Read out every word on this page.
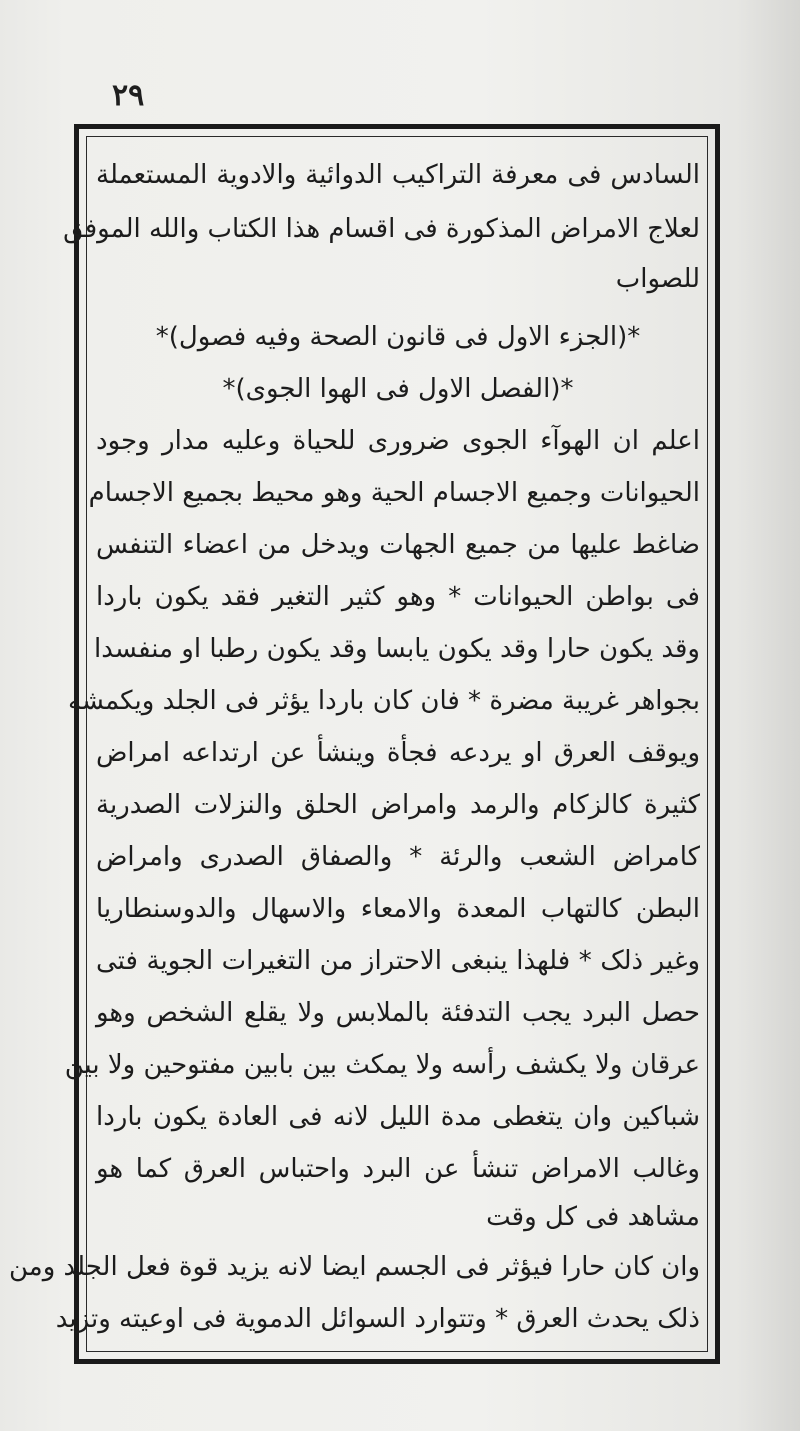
٢٩
السادس فی معرفة التراکیب الدوائیة والادویة المستعملة
لعلاج الامراض المذکورة فی اقسام هذا الکتاب والله الموفق
للصواب
*(الجزء الاول فی قانون الصحة وفیه فصول)*
*(الفصل الاول فی الهوا الجوی)*
اعلم ان الهوآء الجوی ضروری للحیاة وعلیه مدار وجود
الحیوانات وجمیع الاجسام الحیة وهو محیط بجمیع الاجسام
ضاغط علیها من جمیع الجهات ویدخل من اعضاء التنفس
فی بواطن الحیوانات * وهو کثیر التغیر فقد یکون باردا
وقد یکون حارا وقد یکون یابسا وقد یکون رطبا او منفسدا
بجواهر غریبة مضرة * فان کان باردا یؤثر فی الجلد ویکمشه
ویوقف العرق او یردعه فجأة وینشأ عن ارتداعه امراض
کثیرة کالزکام والرمد وامراض الحلق والنزلات الصدریة
کامراض الشعب والرئة * والصفاق الصدری وامراض
البطن کالتهاب المعدة والامعاء والاسهال والدوسنطاریا
وغیر ذلک * فلهذا ینبغی الاحتراز من التغیرات الجویة فتی
حصل البرد یجب التدفئة بالملابس ولا یقلع الشخص وهو
عرقان ولا یکشف رأسه ولا یمکث بین بابین مفتوحین ولا بین
شباکین وان یتغطی مدة اللیل لانه فی العادة یکون باردا
وغالب الامراض تنشأ عن البرد واحتباس العرق کما هو
مشاهد فی کل وقت
وان کان حارا فیؤثر فی الجسم ایضا لانه یزید قوة فعل الجلد ومن
ذلک یحدث العرق * وتتوارد السوائل الدمویة فی اوعیته وتزید
